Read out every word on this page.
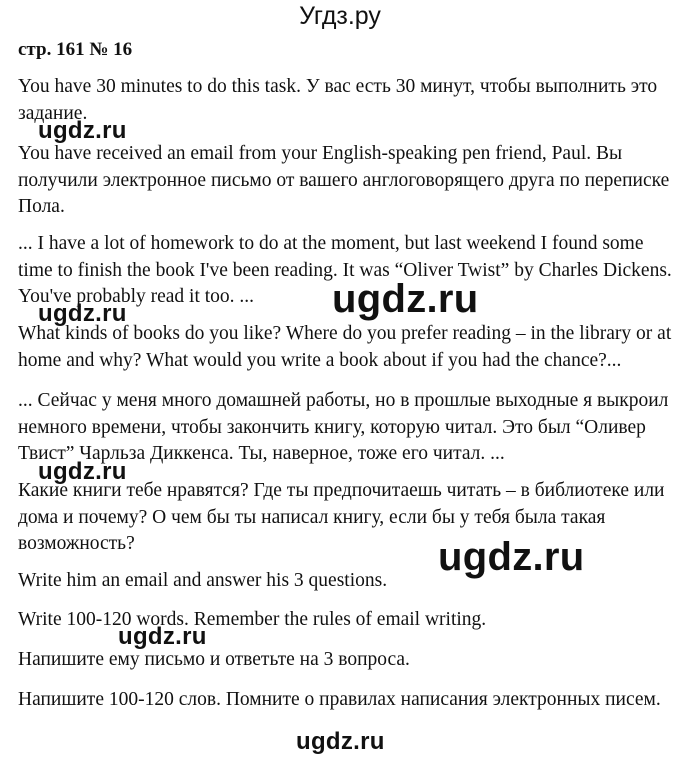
Угдз.ру
стр. 161 № 16

You have 30 minutes to do this task. У вас есть 30 минут, чтобы выполнить это задание.

You have received an email from your English-speaking pen friend, Paul. Вы получили электронное письмо от вашего англоговорящего друга по переписке Пола.

... I have a lot of homework to do at the moment, but last weekend I found some time to finish the book I've been reading. It was “Oliver Twist” by Charles Dickens. You've probably read it too. ...

What kinds of books do you like? Where do you prefer reading – in the library or at home and why? What would you write a book about if you had the chance?...

... Сейчас у меня много домашней работы, но в прошлые выходные я выкроил немного времени, чтобы закончить книгу, которую читал. Это был “Оливер Твист” Чарльза Диккенса. Ты, наверное, тоже его читал. ...

Какие книги тебе нравятся? Где ты предпочитаешь читать – в библиотеке или дома и почему? О чем бы ты написал книгу, если бы у тебя была такая возможность?

Write him an email and answer his 3 questions.

Write 100-120 words. Remember the rules of email writing.

Напишите ему письмо и ответьте на 3 вопроса.

Напишите 100-120 слов. Помните о правилах написания электронных писем.

ugdz.ru
ugdz.ru
ugdz.ru
ugdz.ru
ugdz.ru
ugdz.ru
ugdz.ru
